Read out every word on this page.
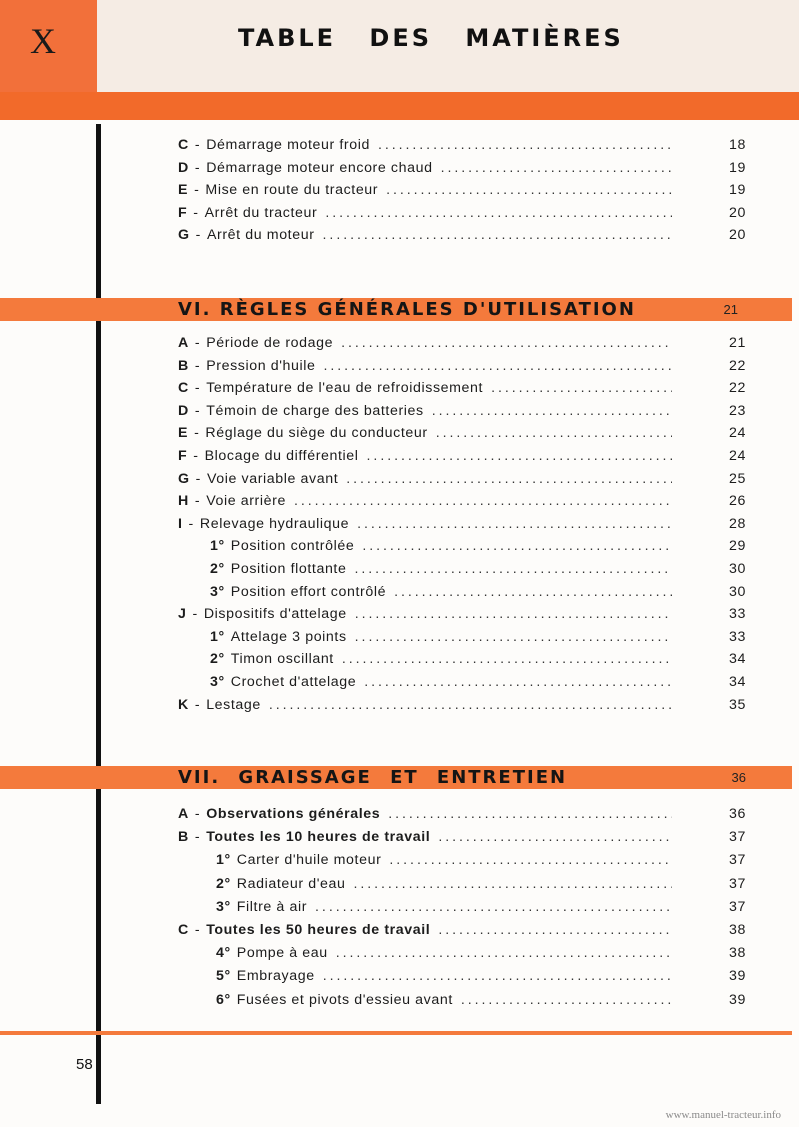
X	TABLE DES MATIÈRES
VI. RÈGLES GÉNÉRALES D'UTILISATION	21
VII. GRAISSAGE ET ENTRETIEN	36
58
www.manuel-tracteur.info
C - Démarrage moteur froid . . .	18
D - Démarrage moteur encore chaud . . .	19
E - Mise en route du tracteur . . .	19
F - Arrêt du tracteur . . .	20
G - Arrêt du moteur . . .	20
A - Période de rodage . . .	21
B - Pression d'huile . . .	22
C - Température de l'eau de refroidissement . . .	22
D - Témoin de charge des batteries . . .	23
E - Réglage du siège du conducteur . . .	24
F - Blocage du différentiel . . .	24
G - Voie variable avant . . .	25
H - Voie arrière . . .	26
I - Relevage hydraulique . . .	28
1° Position contrôlée . . .	29
2° Position flottante . . .	30
3° Position effort contrôlé . . .	30
J - Dispositifs d'attelage . . .	33
1° Attelage 3 points . . .	33
2° Timon oscillant . . .	34
3° Crochet d'attelage . . .	34
K - Lestage . . .	35
A - Observations générales . . .	36
B - Toutes les 10 heures de travail . . .	37
1° Carter d'huile moteur . . .	37
2° Radiateur d'eau . . .	37
3° Filtre à air . . .	37
C - Toutes les 50 heures de travail . . .	38
4° Pompe à eau . . .	38
5° Embrayage . . .	39
6° Fusées et pivots d'essieu avant . . .	39
